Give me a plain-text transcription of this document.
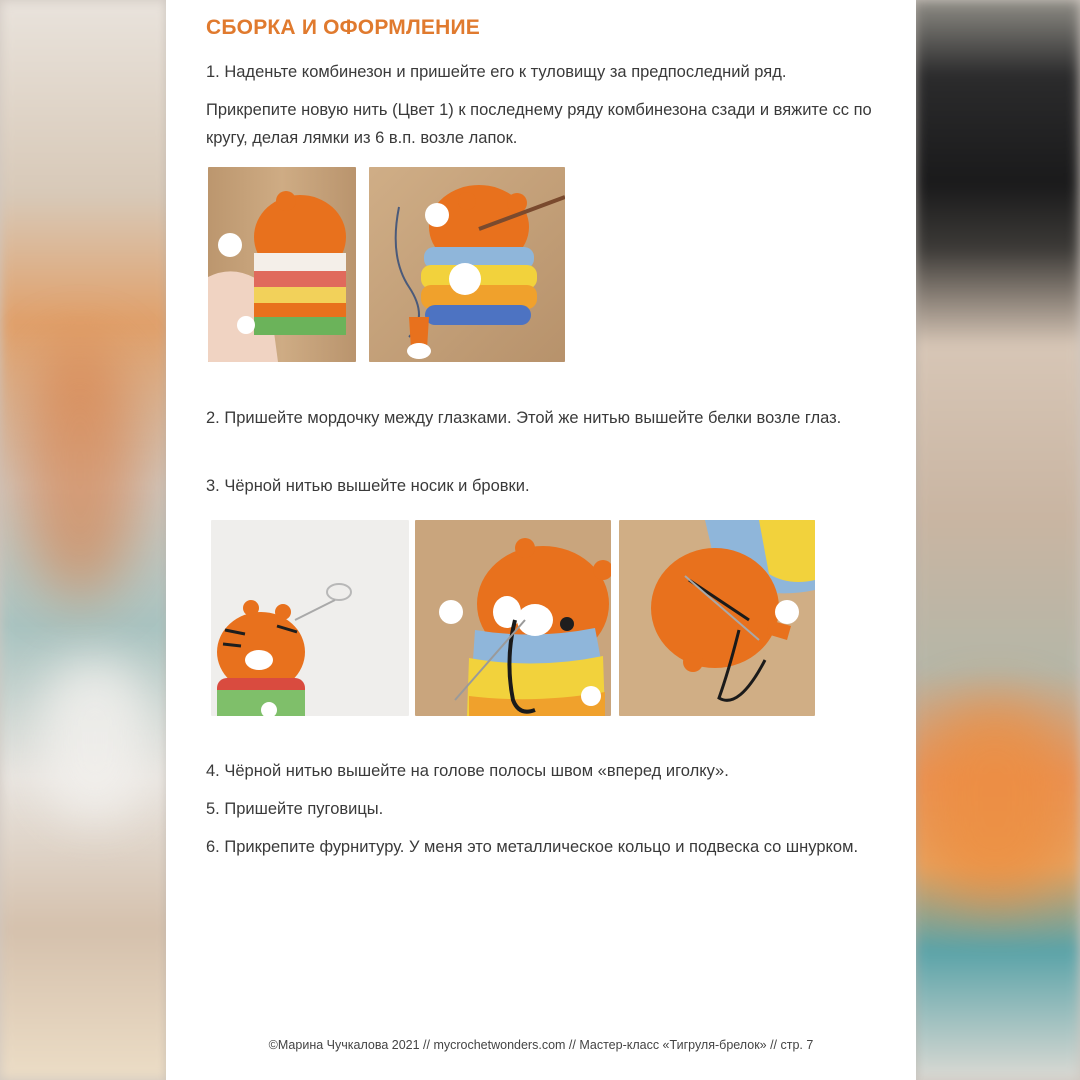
СБОРКА И ОФОРМЛЕНИЕ
1. Наденьте комбинезон и пришейте его к туловищу за предпоследний ряд.
Прикрепите новую нить (Цвет 1) к последнему ряду комбинезона сзади и вяжите сс по кругу, делая лямки из 6 в.п. возле лапок.
2. Пришейте мордочку между глазками. Этой же нитью вышейте белки возле глаз.
3. Чёрной нитью вышейте носик и бровки.
4. Чёрной нитью вышейте на голове полосы швом «вперед иголку».
5. Пришейте пуговицы.
6. Прикрепите фурнитуру. У меня это металлическое кольцо и подвеска со шнурком.
©Марина Чучкалова 2021 // mycrochetwonders.com // Мастер-класс «Тигруля-брелок» // стр. 7
